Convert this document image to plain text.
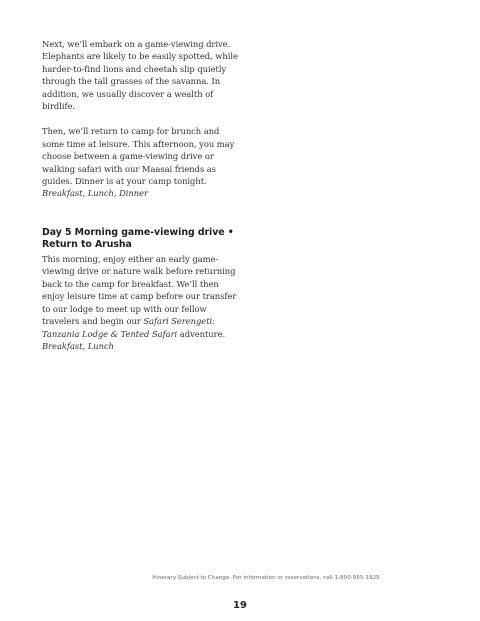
Next, we’ll embark on a game-viewing drive. Elephants are likely to be easily spotted, while harder-to-find lions and cheetah slip quietly through the tall grasses of the savanna. In addition, we usually discover a wealth of birdlife.

Then, we’ll return to camp for brunch and some time at leisure. This afternoon, you may choose between a game-viewing drive or walking safari with our Maasai friends as guides. Dinner is at your camp tonight.

Breakfast, Lunch, Dinner

Day 5 Morning game-viewing drive •
Return to Arusha

This morning, enjoy either an early game-viewing drive or nature walk before returning back to the camp for breakfast. We’ll then enjoy leisure time at camp before our transfer to our lodge to meet up with our fellow travelers and begin our Safari Serengeti: Tanzania Lodge & Tented Safari adventure.

Breakfast, Lunch

Itinerary Subject to Change. For information or reservations, call 1-800-955-1925
19
